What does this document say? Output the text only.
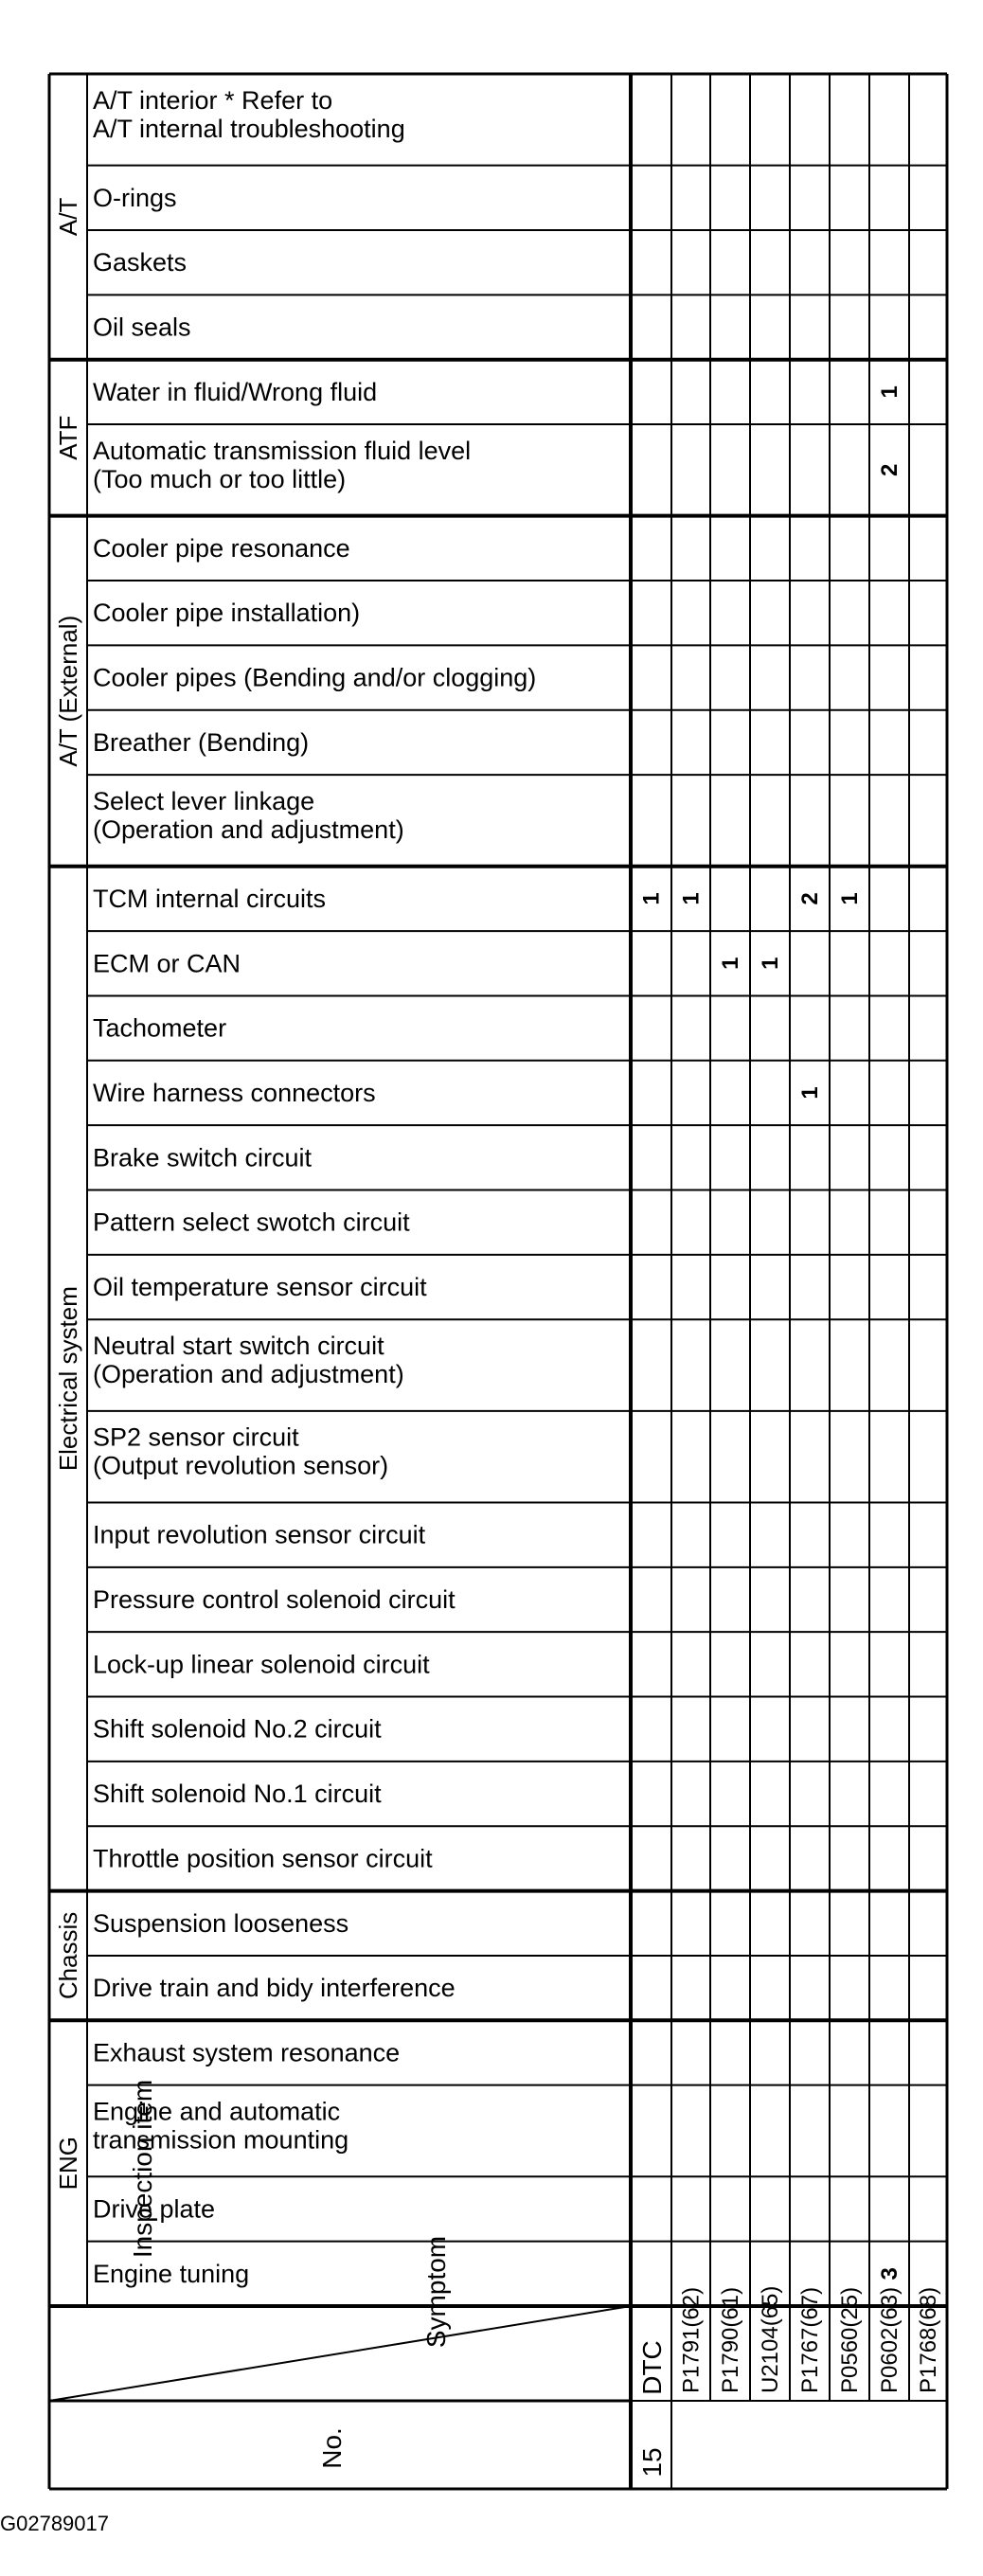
A/T
ATF
A/T (External)
Electrical system
Chassis
ENG
A/T interior * Refer to A/T internal troubleshooting
O-rings
Gaskets
Oil seals
Water in fluid/Wrong fluid
Automatic transmission fluid level (Too much or too little)
Cooler pipe resonance
Cooler pipe installation)
Cooler pipes (Bending and/or clogging)
Breather (Bending)
Select lever linkage (Operation and adjustment)
TCM internal circuits
ECM or CAN
Tachometer
Wire harness connectors
Brake switch circuit
Pattern select swotch circuit
Oil temperature sensor circuit
Neutral start switch circuit (Operation and adjustment)
SP2 sensor circuit (Output revolution sensor)
Input revolution sensor circuit
Pressure control solenoid circuit
Lock-up linear solenoid circuit
Shift solenoid No.2 circuit
Shift solenoid No.1 circuit
Throttle position sensor circuit
Suspension looseness
Drive train and bidy interference
Exhaust system resonance
Engine and automatic transmission mounting
Drive plate
Engine tuning
1
2
1 1	2 1
1 1
1
3
Inspection item
Symptom
No.	15
DTC P1791(62) P1790(61) U2104(65) P1767(67) P0560(25) P0602(63) P1768(68)
G02789017
